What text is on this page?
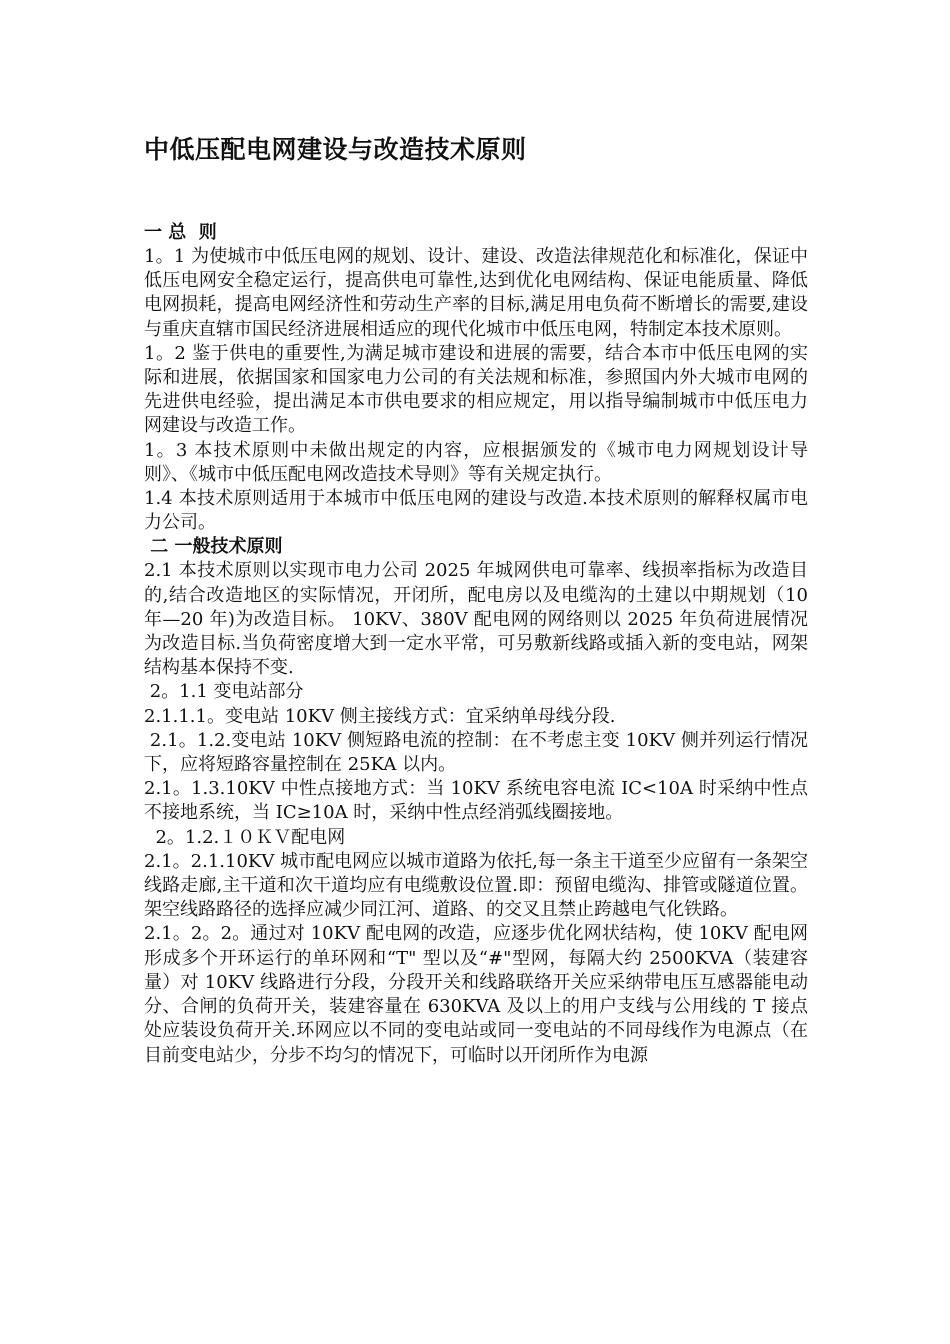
中低压配电网建设与改造技术原则
一 总  则
1。1 为使城市中低压电网的规划、设计、建设、改造法律规范化和标准化，保证中低压电网安全稳定运行，提高供电可靠性,达到优化电网结构、保证电能质量、降低电网损耗，提高电网经济性和劳动生产率的目标,满足用电负荷不断增长的需要,建设与重庆直辖市国民经济进展相适应的现代化城市中低压电网，特制定本技术原则。
1。2 鉴于供电的重要性,为满足城市建设和进展的需要，结合本市中低压电网的实际和进展，依据国家和国家电力公司的有关法规和标准，参照国内外大城市电网的先进供电经验，提出满足本市供电要求的相应规定，用以指导编制城市中低压电力网建设与改造工作。
1。3 本技术原则中未做出规定的内容，应根据颁发的《城市电力网规划设计导则》、《城市中低压配电网改造技术导则》等有关规定执行。
1.4 本技术原则适用于本城市中低压电网的建设与改造.本技术原则的解释权属市电力公司。
二 一般技术原则
2.1 本技术原则以实现市电力公司 2025 年城网供电可靠率、线损率指标为改造目的,结合改造地区的实际情况，开闭所，配电房以及电缆沟的土建以中期规划（10 年—20 年)为改造目标。 10KV、380V 配电网的网络则以 2025 年负荷进展情况为改造目标.当负荷密度增大到一定水平常，可另敷新线路或插入新的变电站，网架结构基本保持不变.
2。1.1 变电站部分
2.1.1.1。变电站 10KV 侧主接线方式：宜采纳单母线分段.
2.1。1.2.变电站 10KV 侧短路电流的控制：在不考虑主变 10KV 侧并列运行情况下，应将短路容量控制在 25KA 以内。
2.1。1.3.10KV 中性点接地方式：当 10KV 系统电容电流 IC<10A 时采纳中性点不接地系统，当 IC≥10A 时，采纳中性点经消弧线圈接地。
2。1.2.１０ＫＶ配电网
2.1。2.1.10KV 城市配电网应以城市道路为依托,每一条主干道至少应留有一条架空线路走廊,主干道和次干道均应有电缆敷设位置.即：预留电缆沟、排管或隧道位置。架空线路路径的选择应减少同江河、道路、的交叉且禁止跨越电气化铁路。
2.1。2。2。通过对 10KV 配电网的改造，应逐步优化网状结构，使 10KV 配电网形成多个开环运行的单环网和“T" 型以及“#"型网，每隔大约 2500KVA（装建容量）对 10KV 线路进行分段，分段开关和线路联络开关应采纳带电压互感器能电动分、合闸的负荷开关，装建容量在 630KVA 及以上的用户支线与公用线的 T 接点处应装设负荷开关.环网应以不同的变电站或同一变电站的不同母线作为电源点（在目前变电站少，分步不均匀的情况下，可临时以开闭所作为电源
